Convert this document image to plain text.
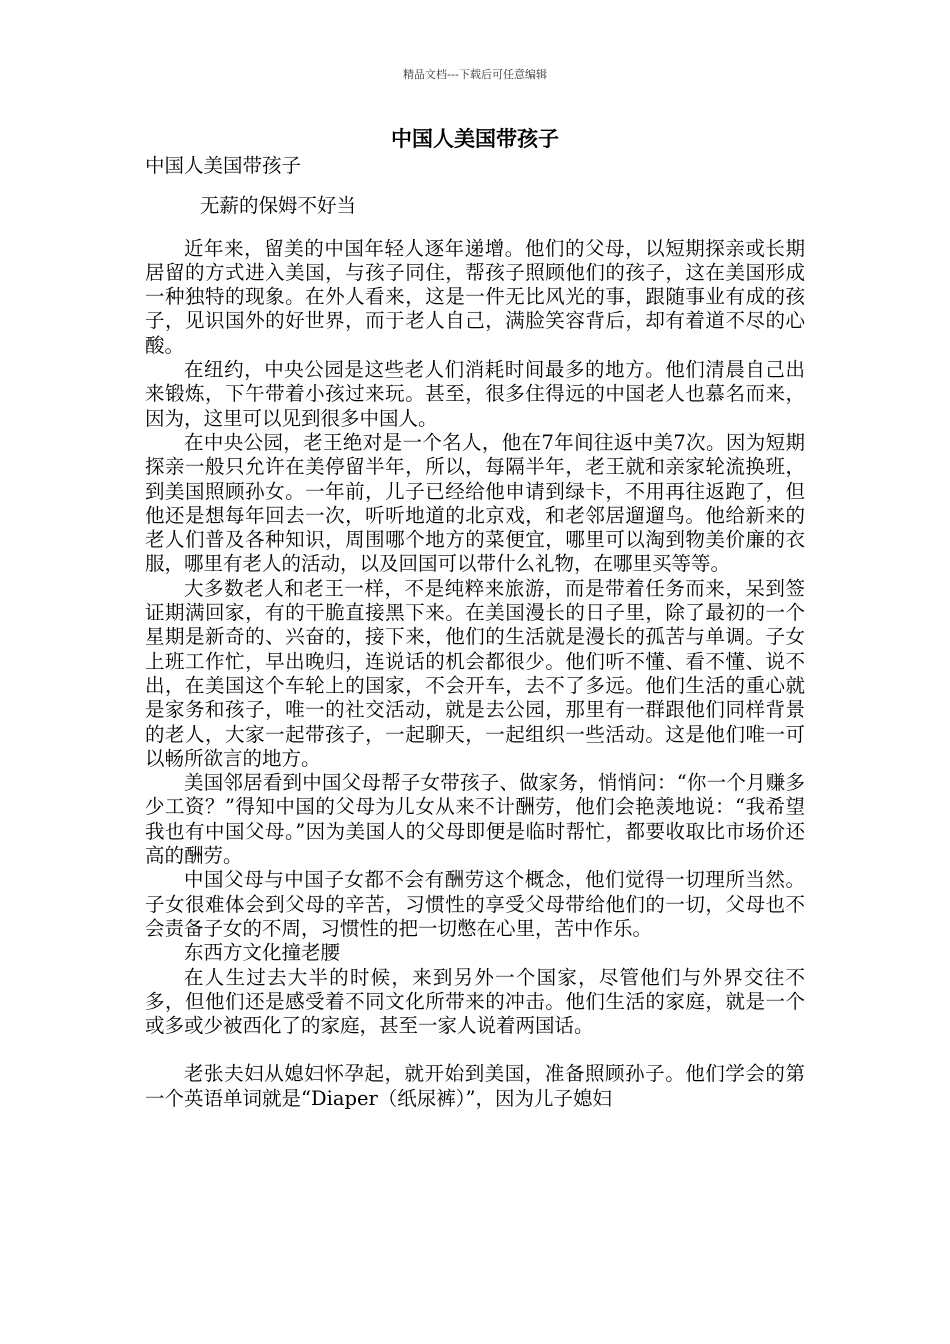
精品文档---下载后可任意编辑
中国人美国带孩子
中国人美国带孩子
无薪的保姆不好当

近年来，留美的中国年轻人逐年递增。他们的父母，以短期探亲或长期居留的方式进入美国，与孩子同住，帮孩子照顾他们的孩子，这在美国形成一种独特的现象。在外人看来，这是一件无比风光的事，跟随事业有成的孩子，见识国外的好世界，而于老人自己，满脸笑容背后，却有着道不尽的心酸。

在纽约，中央公园是这些老人们消耗时间最多的地方。他们清晨自己出来锻炼，下午带着小孩过来玩。甚至，很多住得远的中国老人也慕名而来，因为，这里可以见到很多中国人。

在中央公园，老王绝对是一个名人，他在7年间往返中美7次。因为短期探亲一般只允许在美停留半年，所以，每隔半年，老王就和亲家轮流换班，到美国照顾孙女。一年前，儿子已经给他申请到绿卡，不用再往返跑了，但他还是想每年回去一次，听听地道的北京戏，和老邻居遛遛鸟。他给新来的老人们普及各种知识，周围哪个地方的菜便宜，哪里可以淘到物美价廉的衣服，哪里有老人的活动，以及回国可以带什么礼物，在哪里买等等。

大多数老人和老王一样，不是纯粹来旅游，而是带着任务而来，呆到签证期满回家，有的干脆直接黑下来。在美国漫长的日子里，除了最初的一个星期是新奇的、兴奋的，接下来，他们的生活就是漫长的孤苦与单调。子女上班工作忙，早出晚归，连说话的机会都很少。他们听不懂、看不懂、说不出，在美国这个车轮上的国家，不会开车，去不了多远。他们生活的重心就是家务和孩子，唯一的社交活动，就是去公园，那里有一群跟他们同样背景的老人，大家一起带孩子，一起聊天，一起组织一些活动。这是他们唯一可以畅所欲言的地方。

美国邻居看到中国父母帮子女带孩子、做家务，悄悄问：“你一个月赚多少工资？”得知中国的父母为儿女从来不计酬劳，他们会艳羡地说：“我希望我也有中国父母。”因为美国人的父母即便是临时帮忙，都要收取比市场价还高的酬劳。

中国父母与中国子女都不会有酬劳这个概念，他们觉得一切理所当然。子女很难体会到父母的辛苦，习惯性的享受父母带给他们的一切，父母也不会责备子女的不周，习惯性的把一切憋在心里，苦中作乐。

东西方文化撞老腰

在人生过去大半的时候，来到另外一个国家，尽管他们与外界交往不多，但他们还是感受着不同文化所带来的冲击。他们生活的家庭，就是一个或多或少被西化了的家庭，甚至一家人说着两国话。

老张夫妇从媳妇怀孕起，就开始到美国，准备照顾孙子。他们学会的第一个英语单词就是“Diaper（纸尿裤）”，因为儿子媳妇
